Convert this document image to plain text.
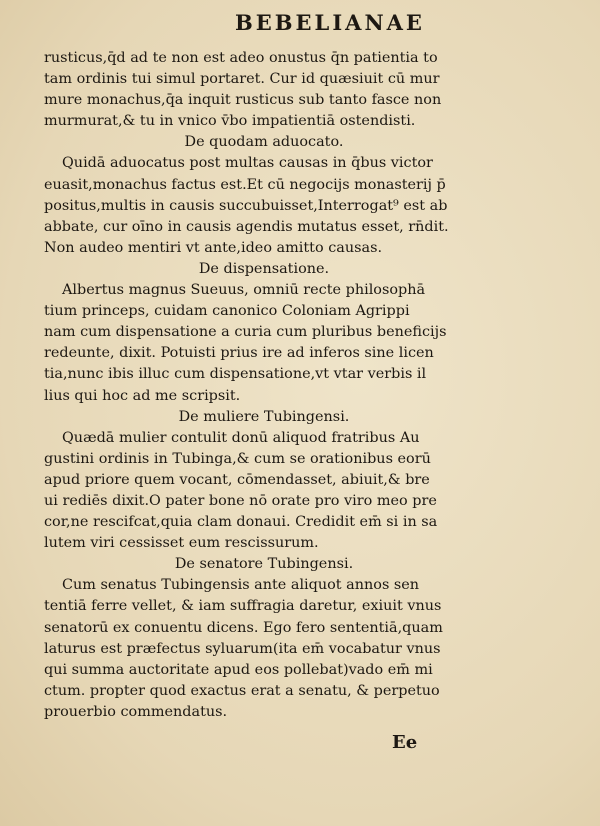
BEBELIANAE
rusticus,q̄d ad te non est adeo onustus q̄n patientia to
tam ordinis tui simul portaret. Cur id quæsiuit cū mur
mure monachus,q̄a inquit rusticus sub tanto fasce non
murmurat,& tu in vnico v̄bo impatientiā ostendisti.
De quodam aduocato.
Quidā aduocatus post multas causas in q̄bus victor
euasit,monachus factus est.Et cū negocijs monasterij p̄
positus,multis in causis succubuisset,Interrogat⁹ est ab
abbate, cur oīno in causis agendis mutatus esset, rn̄dit.
Non audeo mentiri vt ante,ideo amitto causas.
De dispensatione.
Albertus magnus Sueuus, omniū recte philosophā
tium princeps, cuidam canonico Coloniam Agrippi
nam cum dispensatione a curia cum pluribus beneficijs
redeunte, dixit. Potuisti prius ire ad inferos sine licen
tia,nunc ibis illuc cum dispensatione,vt vtar verbis il
lius qui hoc ad me scripsit.
De muliere Tubingensi.
Quædā mulier contulit donū aliquod fratribus Au
gustini ordinis in Tubinga,& cum se orationibus eorū
apud priore quem vocant, cōmendasset, abiuit,& bre
ui rediēs dixit.O pater bone nō orate pro viro meo pre
cor,ne rescifcat,quia clam donaui. Credidit em̄ si in sa
lutem viri cessisset eum rescissurum.
De senatore Tubingensi.
Cum senatus Tubingensis ante aliquot annos sen
tentiā ferre vellet, & iam suffragia daretur, exiuit vnus
senatorū ex conuentu dicens. Ego fero sententiā,quam
laturus est præfectus syluarum(ita em̄ vocabatur vnus
qui summa auctoritate apud eos pollebat)vado em̄ mi
ctum. propter quod exactus erat a senatu, & perpetuo
prouerbio commendatus.
Ee
